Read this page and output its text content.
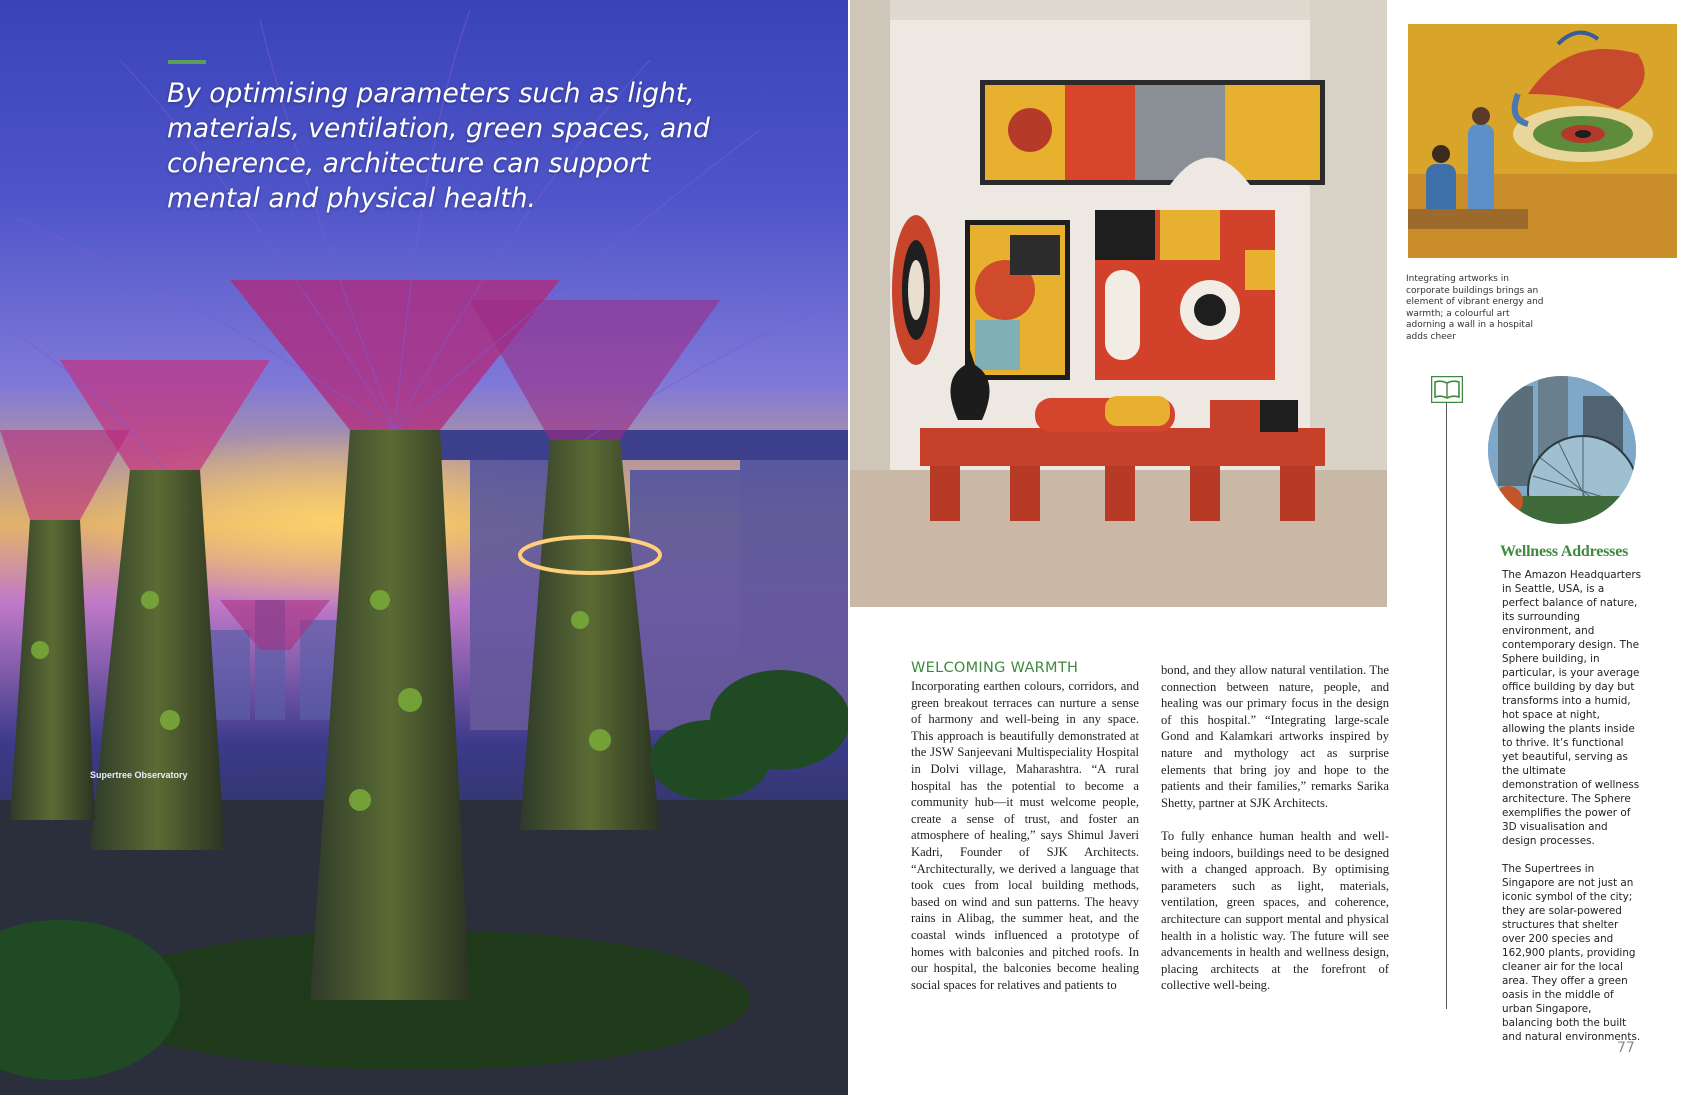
By optimising parameters such as light, materials, ventilation, green spaces, and coherence, architecture can support mental and physical health.

Supertree Observatory

Integrating artworks in corporate buildings brings an element of vibrant energy and warmth; a colourful art adorning a wall in a hospital adds cheer

Wellness Addresses

The Amazon Headquarters in Seattle, USA, is a perfect balance of nature, its surrounding environment, and contemporary design. The Sphere building, in particular, is your average office building by day but transforms into a humid, hot space at night, allowing the plants inside to thrive. It’s functional yet beautiful, serving as the ultimate demonstration of wellness architecture. The Sphere exemplifies the power of 3D visualisation and design processes.

The Supertrees in Singapore are not just an iconic symbol of the city; they are solar-powered structures that shelter over 200 species and 162,900 plants, providing cleaner air for the local area. They offer a green oasis in the middle of urban Singapore, balancing both the built and natural environments.

WELCOMING WARMTH

Incorporating earthen colours, corridors, and green breakout terraces can nurture a sense of harmony and well-being in any space. This approach is beautifully demonstrated at the JSW Sanjeevani Multispeciality Hospital in Dolvi village, Maharashtra. “A rural hospital has the potential to become a community hub—it must welcome people, create a sense of trust, and foster an atmosphere of healing,” says Shimul Javeri Kadri, Founder of SJK Architects. “Architecturally, we derived a language that took cues from local building methods, based on wind and sun patterns. The heavy rains in Alibag, the summer heat, and the coastal winds influenced a prototype of homes with balconies and pitched roofs. In our hospital, the balconies become healing social spaces for relatives and patients to

bond, and they allow natural ventilation. The connection between nature, people, and healing was our primary focus in the design of this hospital.” “Integrating large-scale Gond and Kalamkari artworks inspired by nature and mythology act as surprise elements that bring joy and hope to the patients and their families,” remarks Sarika Shetty, partner at SJK Architects.

To fully enhance human health and well-being indoors, buildings need to be designed with a changed approach. By optimising parameters such as light, materials, ventilation, green spaces, and coherence, architecture can support mental and physical health in a holistic way. The future will see advancements in health and wellness design, placing architects at the forefront of collective well-being.

77
